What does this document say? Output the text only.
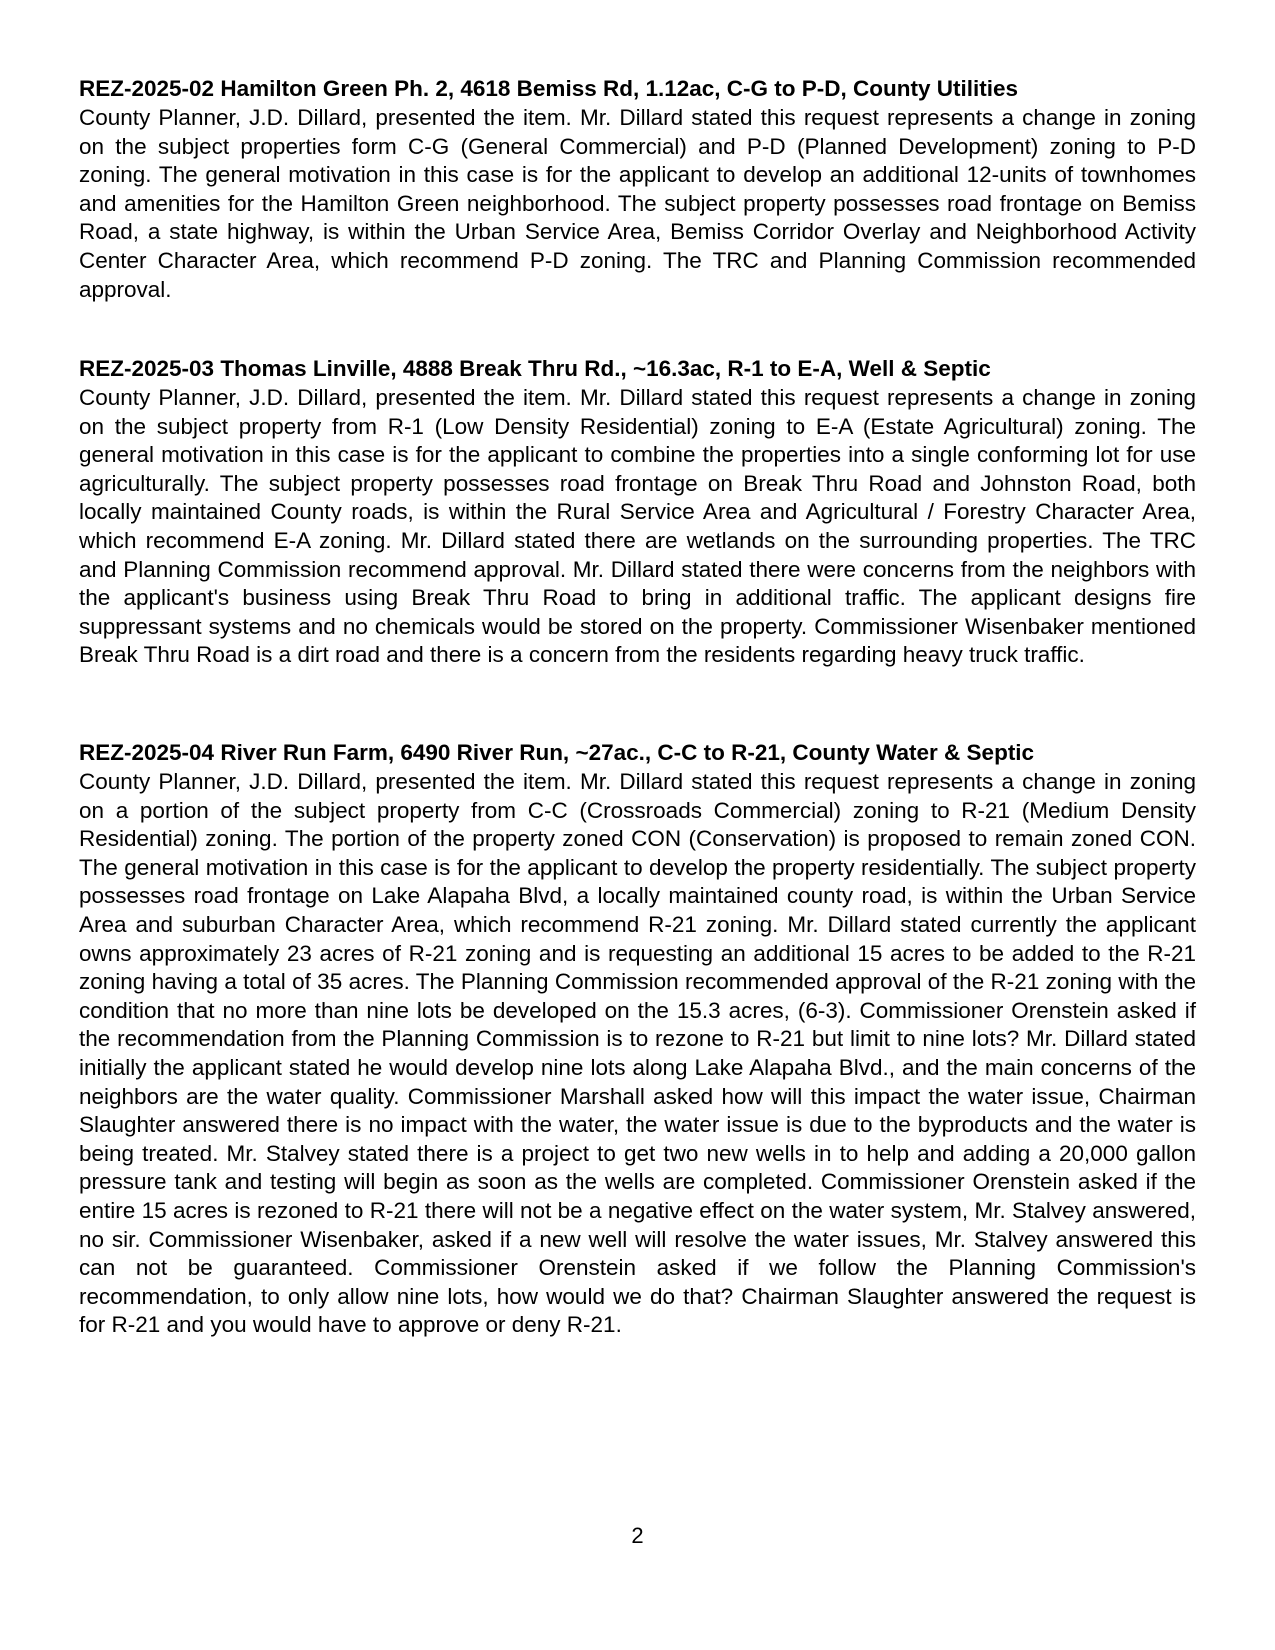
REZ-2025-02 Hamilton Green Ph. 2, 4618 Bemiss Rd, 1.12ac, C-G to P-D, County Utilities

County Planner, J.D. Dillard, presented the item. Mr. Dillard stated this request represents a change in zoning on the subject properties form C-G (General Commercial) and P-D (Planned Development) zoning to P-D zoning. The general motivation in this case is for the applicant to develop an additional 12-units of townhomes and amenities for the Hamilton Green neighborhood. The subject property possesses road frontage on Bemiss Road, a state highway, is within the Urban Service Area, Bemiss Corridor Overlay and Neighborhood Activity Center Character Area, which recommend P-D zoning. The TRC and Planning Commission recommended approval.

REZ-2025-03 Thomas Linville, 4888 Break Thru Rd., ~16.3ac, R-1 to E-A, Well & Septic

County Planner, J.D. Dillard, presented the item. Mr. Dillard stated this request represents a change in zoning on the subject property from R-1 (Low Density Residential) zoning to E-A (Estate Agricultural) zoning. The general motivation in this case is for the applicant to combine the properties into a single conforming lot for use agriculturally. The subject property possesses road frontage on Break Thru Road and Johnston Road, both locally maintained County roads, is within the Rural Service Area and Agricultural / Forestry Character Area, which recommend E-A zoning. Mr. Dillard stated there are wetlands on the surrounding properties. The TRC and Planning Commission recommend approval. Mr. Dillard stated there were concerns from the neighbors with the applicant's business using Break Thru Road to bring in additional traffic. The applicant designs fire suppressant systems and no chemicals would be stored on the property. Commissioner Wisenbaker mentioned Break Thru Road is a dirt road and there is a concern from the residents regarding heavy truck traffic.

REZ-2025-04 River Run Farm, 6490 River Run, ~27ac., C-C to R-21, County Water & Septic

County Planner, J.D. Dillard, presented the item. Mr. Dillard stated this request represents a change in zoning on a portion of the subject property from C-C (Crossroads Commercial) zoning to R-21 (Medium Density Residential) zoning. The portion of the property zoned CON (Conservation) is proposed to remain zoned CON. The general motivation in this case is for the applicant to develop the property residentially. The subject property possesses road frontage on Lake Alapaha Blvd, a locally maintained county road, is within the Urban Service Area and suburban Character Area, which recommend R-21 zoning. Mr. Dillard stated currently the applicant owns approximately 23 acres of R-21 zoning and is requesting an additional 15 acres to be added to the R-21 zoning having a total of 35 acres. The Planning Commission recommended approval of the R-21 zoning with the condition that no more than nine lots be developed on the 15.3 acres, (6-3). Commissioner Orenstein asked if the recommendation from the Planning Commission is to rezone to R-21 but limit to nine lots? Mr. Dillard stated initially the applicant stated he would develop nine lots along Lake Alapaha Blvd., and the main concerns of the neighbors are the water quality. Commissioner Marshall asked how will this impact the water issue, Chairman Slaughter answered there is no impact with the water, the water issue is due to the byproducts and the water is being treated. Mr. Stalvey stated there is a project to get two new wells in to help and adding a 20,000 gallon pressure tank and testing will begin as soon as the wells are completed. Commissioner Orenstein asked if the entire 15 acres is rezoned to R-21 there will not be a negative effect on the water system, Mr. Stalvey answered, no sir. Commissioner Wisenbaker, asked if a new well will resolve the water issues, Mr. Stalvey answered this can not be guaranteed. Commissioner Orenstein asked if we follow the Planning Commission's recommendation, to only allow nine lots, how would we do that? Chairman Slaughter answered the request is for R-21 and you would have to approve or deny R-21.

2
